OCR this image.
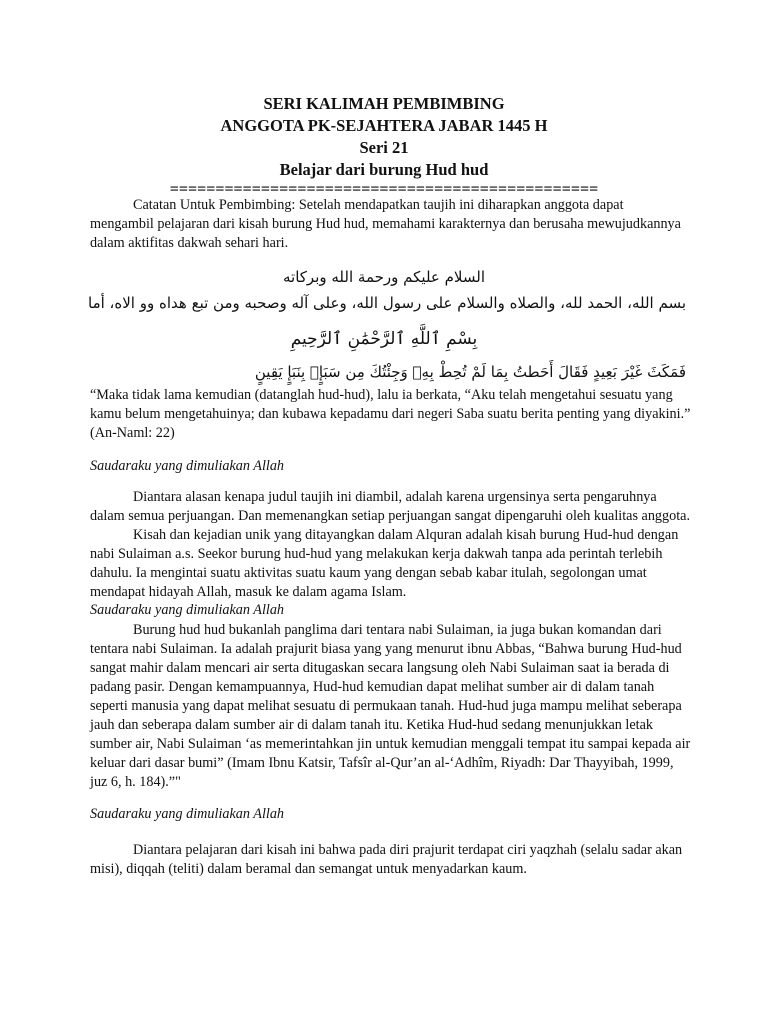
SERI KALIMAH PEMBIMBING
ANGGOTA PK-SEJAHTERA JABAR 1445 H
Seri 21
Belajar dari burung Hud hud
===============================================
Catatan Untuk Pembimbing: Setelah mendapatkan taujih ini diharapkan anggota dapat
mengambil pelajaran dari kisah burung Hud hud, memahami karakternya dan berusaha mewujudkannya
dalam aktifitas dakwah sehari hari.
السلام عليكم ورحمة الله وبركاته
بسم الله، الحمد لله، والصلاه والسلام على رسول الله، وعلى آله وصحبه ومن تبع هداه وو الاه، أما
بِسْمِ ٱللَّهِ ٱلرَّحْمَٰنِ ٱلرَّحِيمِ
فَمَكَثَ غَيْرَ بَعِيدٍ فَقَالَ أَحَطتُ بِمَا لَمْ تُحِطْ بِهِۦ وَجِئْتُكَ مِن سَبَإٍۭ بِنَبَإٍ يَقِينٍ
“Maka tidak lama kemudian (datanglah hud-hud), lalu ia berkata, “Aku telah mengetahui sesuatu yang
kamu belum mengetahuinya; dan kubawa kepadamu dari negeri Saba suatu berita penting yang diyakini.”
(An-Naml: 22)
Saudaraku yang dimuliakan Allah
Diantara alasan kenapa judul taujih ini diambil, adalah karena urgensinya serta pengaruhnya
dalam semua perjuangan. Dan memenangkan setiap perjuangan sangat dipengaruhi oleh kualitas anggota.
Kisah dan kejadian unik yang ditayangkan dalam Alquran adalah kisah burung Hud-hud dengan
nabi Sulaiman a.s. Seekor burung hud-hud yang melakukan kerja dakwah tanpa ada perintah terlebih
dahulu. Ia mengintai suatu aktivitas suatu kaum yang dengan sebab kabar itulah, segolongan umat
mendapat hidayah Allah, masuk ke dalam agama Islam.
Saudaraku yang dimuliakan Allah
Burung hud hud bukanlah panglima dari tentara nabi Sulaiman, ia juga bukan komandan dari
tentara nabi Sulaiman. Ia adalah prajurit biasa yang yang menurut ibnu Abbas, “Bahwa burung Hud-hud
sangat mahir dalam mencari air serta ditugaskan secara langsung oleh Nabi Sulaiman saat ia berada di
padang pasir. Dengan kemampuannya, Hud-hud kemudian dapat melihat sumber air di dalam tanah
seperti manusia yang dapat melihat sesuatu di permukaan tanah. Hud-hud juga mampu melihat seberapa
jauh dan seberapa dalam sumber air di dalam tanah itu. Ketika Hud-hud sedang menunjukkan letak
sumber air, Nabi Sulaiman ‘as memerintahkan jin untuk kemudian menggali tempat itu sampai kepada air
keluar dari dasar bumi” (Imam Ibnu Katsir, Tafsîr al-Qur’an al-‘Adhîm, Riyadh: Dar Thayyibah, 1999,
juz 6, h. 184).”"
Saudaraku yang dimuliakan Allah
Diantara pelajaran dari kisah ini bahwa pada diri prajurit terdapat ciri yaqzhah (selalu sadar akan
misi), diqqah (teliti) dalam beramal dan semangat untuk menyadarkan kaum.
